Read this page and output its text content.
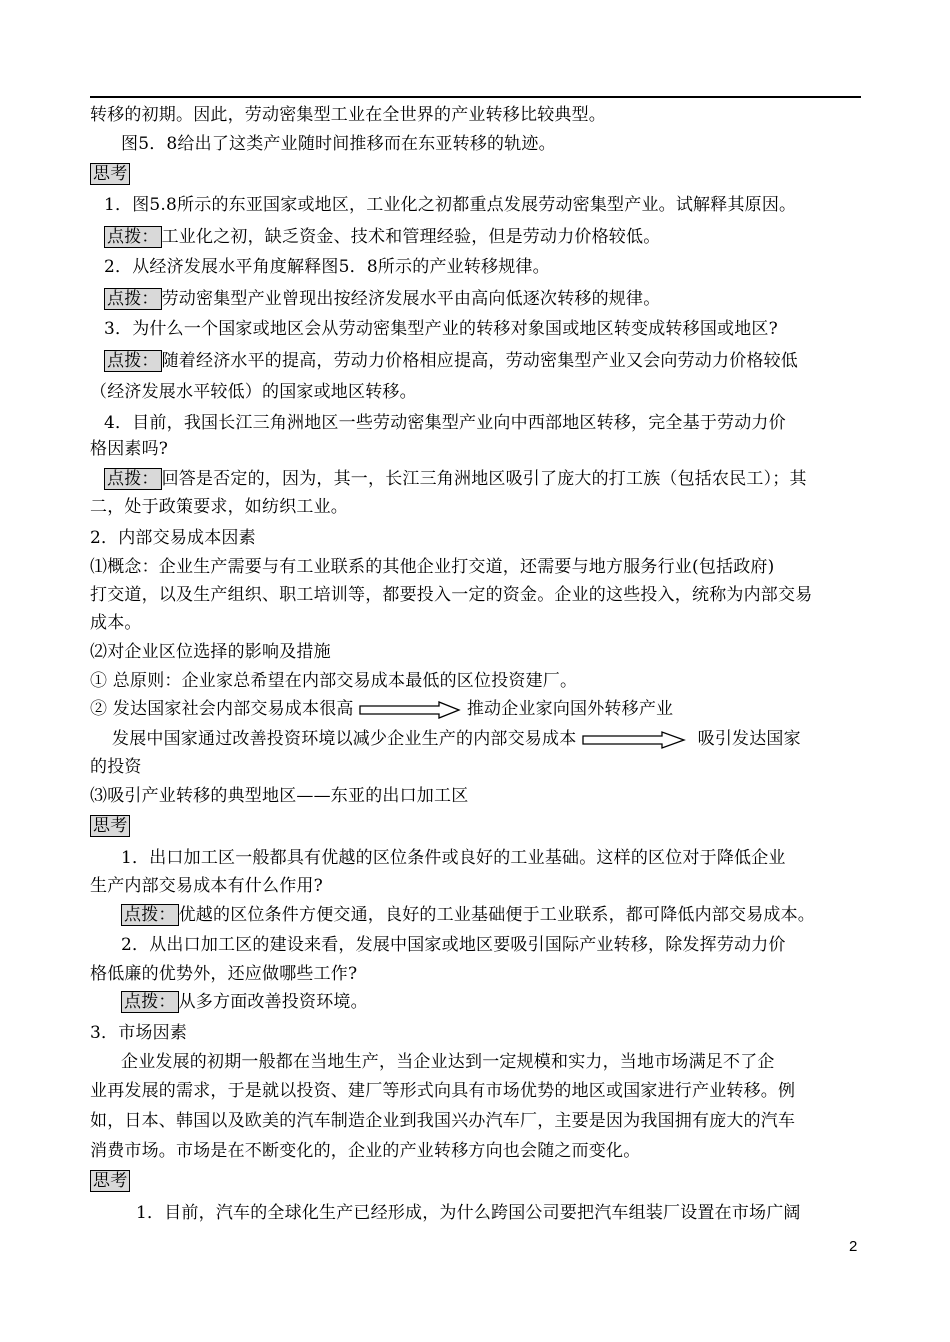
转移的初期。因此，劳动密集型工业在全世界的产业转移比较典型。
图5．8给出了这类产业随时间推移而在东亚转移的轨迹。
思考
1．图5.8所示的东亚国家或地区，工业化之初都重点发展劳动密集型产业。试解释其原因。
点拨： 工业化之初，缺乏资金、技术和管理经验，但是劳动力价格较低。
2．从经济发展水平角度解释图5．8所示的产业转移规律。
点拨： 劳动密集型产业曾现出按经济发展水平由高向低逐次转移的规律。
3．为什么一个国家或地区会从劳动密集型产业的转移对象国或地区转变成转移国或地区?
点拨： 随着经济水平的提高，劳动力价格相应提高，劳动密集型产业又会向劳动力价格较低
（经济发展水平较低）的国家或地区转移。
4．目前，我国长江三角洲地区一些劳动密集型产业向中西部地区转移，完全基于劳动力价
格因素吗?
点拨： 回答是否定的，因为，其一，长江三角洲地区吸引了庞大的打工族（包括农民工）；其
二，处于政策要求，如纺织工业。
2．内部交易成本因素
⑴概念：企业生产需要与有工业联系的其他企业打交道，还需要与地方服务行业(包括政府)
打交道，以及生产组织、职工培训等，都要投入一定的资金。企业的这些投入，统称为内部交易
成本。
⑵对企业区位选择的影响及措施
① 总原则：企业家总希望在内部交易成本最低的区位投资建厂。
② 发达国家社会内部交易成本很高	推动企业家向国外转移产业
发展中国家通过改善投资环境以减少企业生产的内部交易成本	吸引发达国家
的投资
⑶吸引产业转移的典型地区——东亚的出口加工区
思考
1．出口加工区一般都具有优越的区位条件或良好的工业基础。这样的区位对于降低企业
生产内部交易成本有什么作用?
点拨： 优越的区位条件方便交通，良好的工业基础便于工业联系，都可降低内部交易成本。
2．从出口加工区的建设来看，发展中国家或地区要吸引国际产业转移，除发挥劳动力价
格低廉的优势外，还应做哪些工作?
点拨： 从多方面改善投资环境。
3．市场因素
企业发展的初期一般都在当地生产，当企业达到一定规模和实力，当地市场满足不了企
业再发展的需求，于是就以投资、建厂等形式向具有市场优势的地区或国家进行产业转移。例
如，日本、韩国以及欧美的汽车制造企业到我国兴办汽车厂，主要是因为我国拥有庞大的汽车
消费市场。市场是在不断变化的，企业的产业转移方向也会随之而变化。
思考
1．目前，汽车的全球化生产已经形成，为什么跨国公司要把汽车组装厂设置在市场广阔
2
